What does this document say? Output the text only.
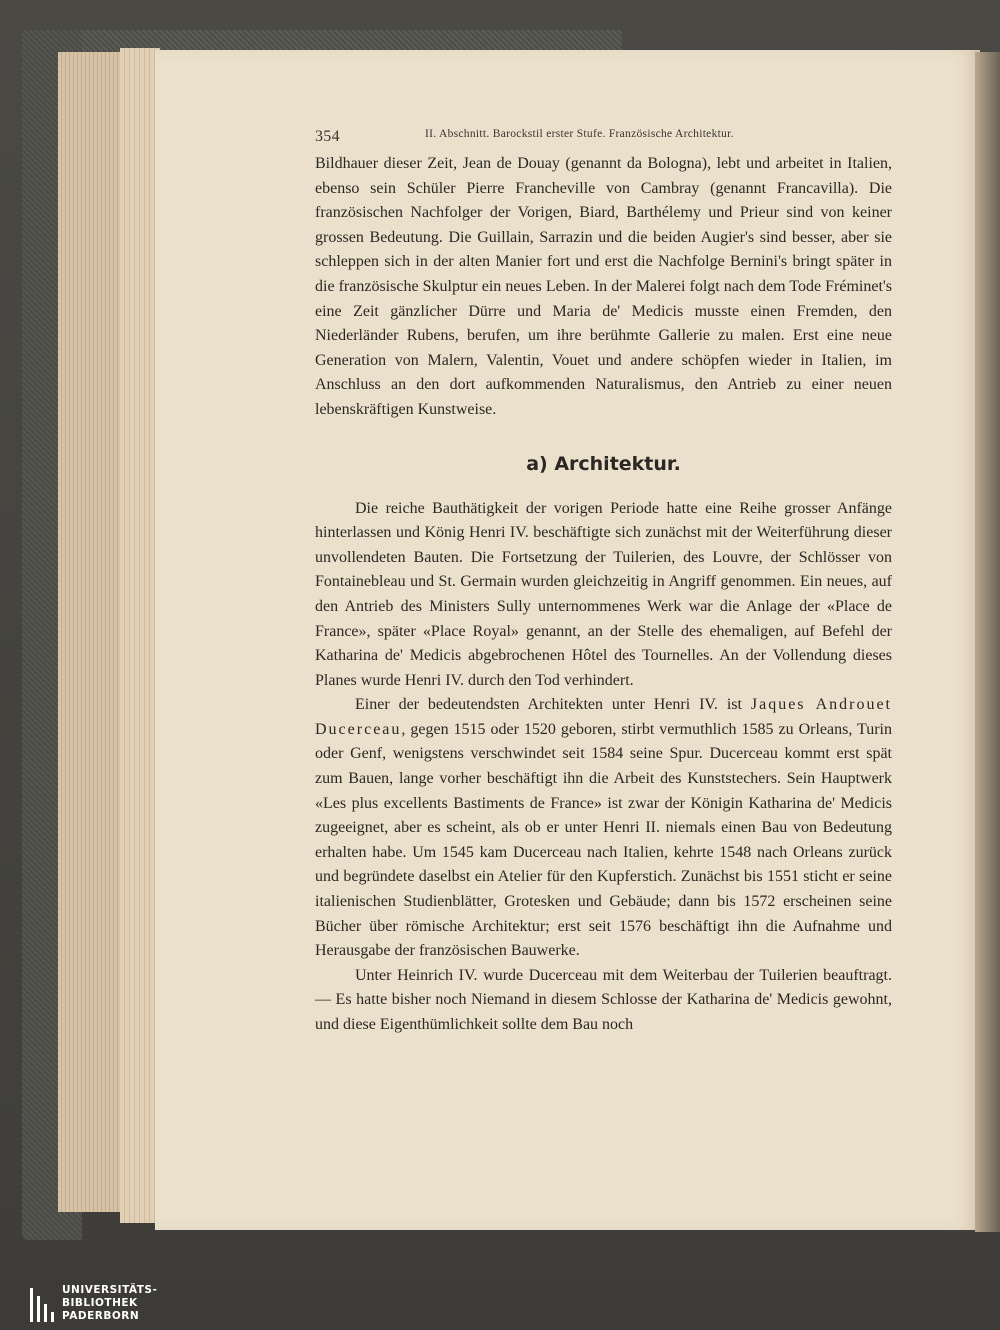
354	II. Abschnitt. Barockstil erster Stufe. Französische Architektur.

Bildhauer dieser Zeit, Jean de Douay (genannt da Bologna), lebt und arbeitet in Italien, ebenso sein Schüler Pierre Francheville von Cambray (genannt Francavilla). Die französischen Nachfolger der Vorigen, Biard, Barthélemy und Prieur sind von keiner grossen Bedeutung. Die Guillain, Sarrazin und die beiden Augier's sind besser, aber sie schleppen sich in der alten Manier fort und erst die Nachfolge Bernini's bringt später in die französische Skulptur ein neues Leben. In der Malerei folgt nach dem Tode Fréminet's eine Zeit gänzlicher Dürre und Maria de' Medicis musste einen Fremden, den Niederländer Rubens, berufen, um ihre berühmte Gallerie zu malen. Erst eine neue Generation von Malern, Valentin, Vouet und andere schöpfen wieder in Italien, im Anschluss an den dort aufkommenden Naturalismus, den Antrieb zu einer neuen lebenskräftigen Kunstweise.

a) Architektur.

Die reiche Bauthätigkeit der vorigen Periode hatte eine Reihe grosser Anfänge hinterlassen und König Henri IV. beschäftigte sich zunächst mit der Weiterführung dieser unvollendeten Bauten. Die Fortsetzung der Tuilerien, des Louvre, der Schlösser von Fontainebleau und St. Germain wurden gleichzeitig in Angriff genommen. Ein neues, auf den Antrieb des Ministers Sully unternommenes Werk war die Anlage der «Place de France», später «Place Royal» genannt, an der Stelle des ehemaligen, auf Befehl der Katharina de' Medicis abgebrochenen Hôtel des Tournelles. An der Vollendung dieses Planes wurde Henri IV. durch den Tod verhindert.

Einer der bedeutendsten Architekten unter Henri IV. ist Jaques Androuet Ducerceau, gegen 1515 oder 1520 geboren, stirbt vermuthlich 1585 zu Orleans, Turin oder Genf, wenigstens verschwindet seit 1584 seine Spur. Ducerceau kommt erst spät zum Bauen, lange vorher beschäftigt ihn die Arbeit des Kunststechers. Sein Hauptwerk «Les plus excellents Bastiments de France» ist zwar der Königin Katharina de' Medicis zugeeignet, aber es scheint, als ob er unter Henri II. niemals einen Bau von Bedeutung erhalten habe. Um 1545 kam Ducerceau nach Italien, kehrte 1548 nach Orleans zurück und begründete daselbst ein Atelier für den Kupferstich. Zunächst bis 1551 sticht er seine italienischen Studienblätter, Grotesken und Gebäude; dann bis 1572 erscheinen seine Bücher über römische Architektur; erst seit 1576 beschäftigt ihn die Aufnahme und Herausgabe der französischen Bauwerke.

Unter Heinrich IV. wurde Ducerceau mit dem Weiterbau der Tuilerien beauftragt. — Es hatte bisher noch Niemand in diesem Schlosse der Katharina de' Medicis gewohnt, und diese Eigenthümlichkeit sollte dem Bau noch

UNIVERSITÄTS-
BIBLIOTHEK
PADERBORN
